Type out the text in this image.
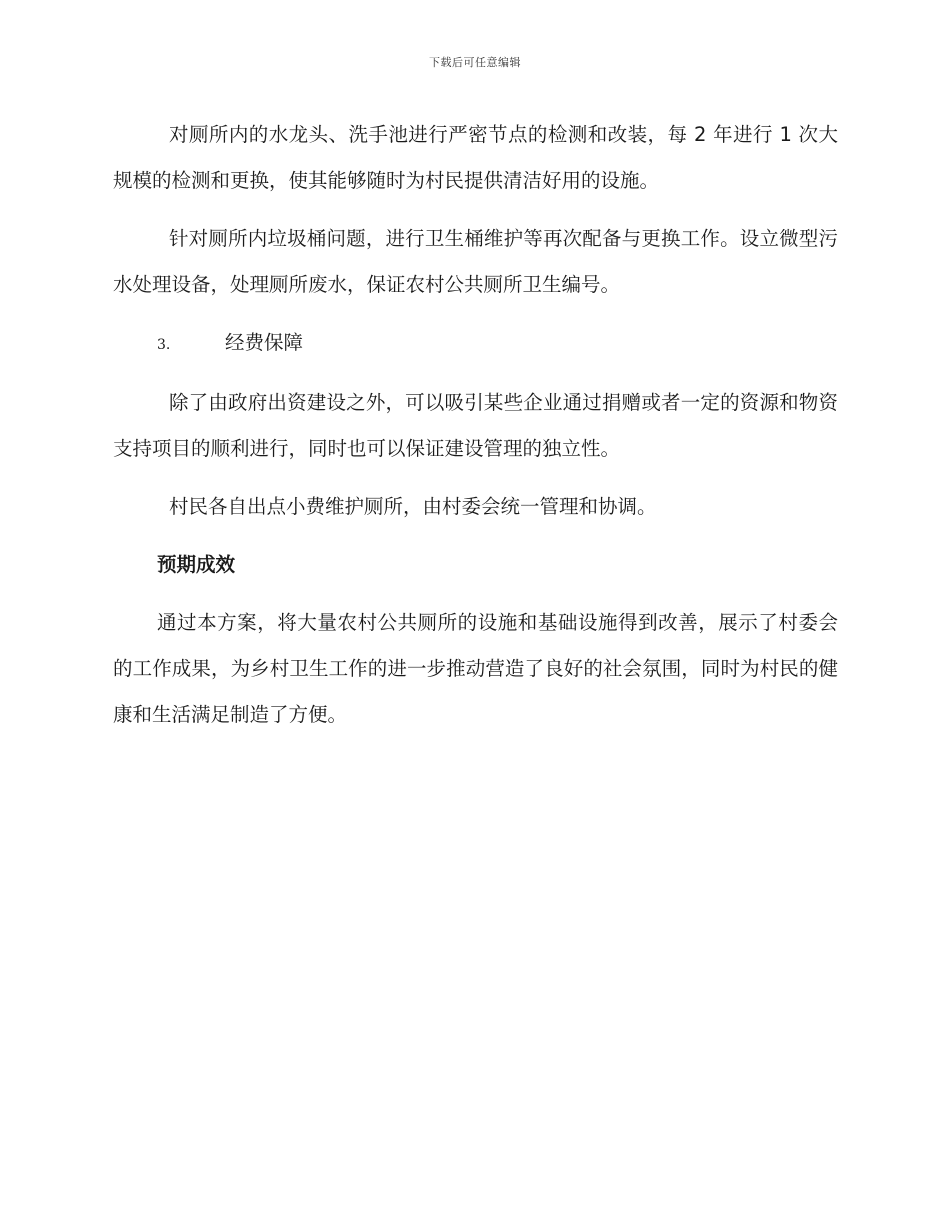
下载后可任意编辑

对厕所内的水龙头、洗手池进行严密节点的检测和改装，每 2 年进行 1 次大规模的检测和更换，使其能够随时为村民提供清洁好用的设施。

针对厕所内垃圾桶问题，进行卫生桶维护等再次配备与更换工作。设立微型污水处理设备，处理厕所废水，保证农村公共厕所卫生编号。

3.	经费保障

除了由政府出资建设之外，可以吸引某些企业通过捐赠或者一定的资源和物资支持项目的顺利进行，同时也可以保证建设管理的独立性。

村民各自出点小费维护厕所，由村委会统一管理和协调。

预期成效

通过本方案，将大量农村公共厕所的设施和基础设施得到改善，展示了村委会的工作成果，为乡村卫生工作的进一步推动营造了良好的社会氛围，同时为村民的健康和生活满足制造了方便。
